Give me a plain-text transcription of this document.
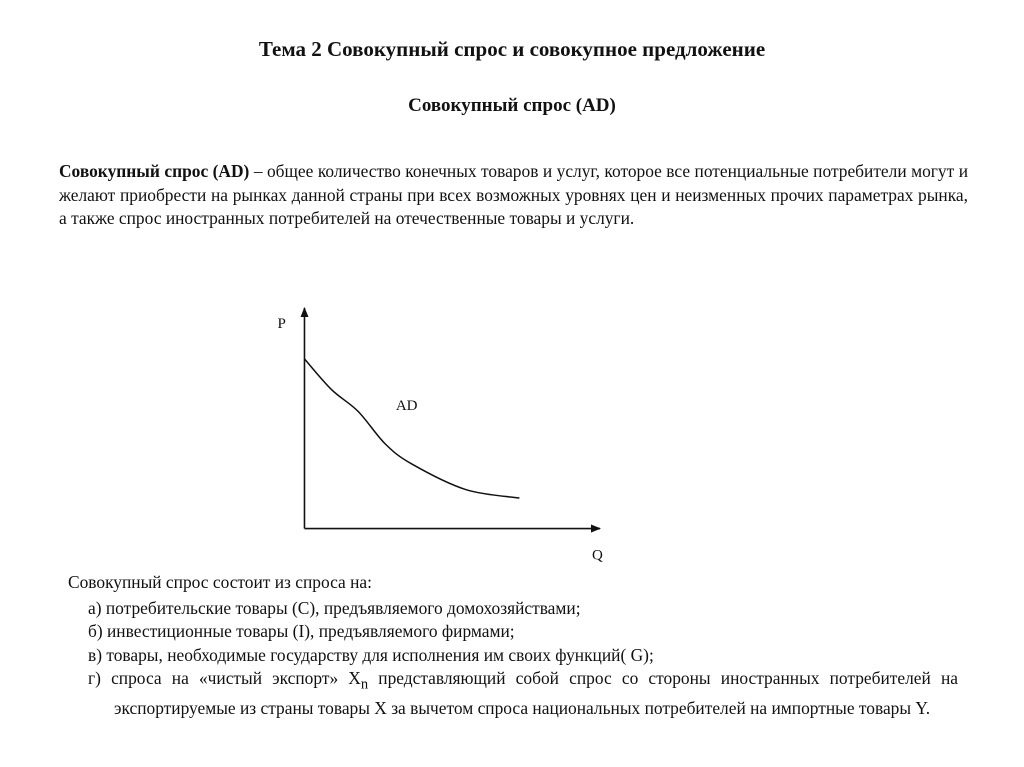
Тема 2 Совокупный спрос и совокупное предложение
Совокупный спрос (AD)

Совокупный спрос (AD) – общее количество конечных товаров и услуг, которое все потенциальные потребители могут и желают приобрести на рынках данной страны при всех возможных уровнях цен и неизменных прочих параметрах рынка, а также спрос иностранных потребителей на отечественные товары и услуги.

P
Q
AD

Совокупный спрос состоит из спроса на:

а) потребительские товары (С), предъявляемого домохозяйствами;
б) инвестиционные товары (I), предъявляемого фирмами;
в) товары, необходимые государству для исполнения им своих функций( G);
г) спроса на «чистый экспорт» $X_n$ представляющий собой спрос со стороны иностранных потребителей на экспортируемые из страны товары X за вычетом спроса национальных потребителей на импортные товары Y.
